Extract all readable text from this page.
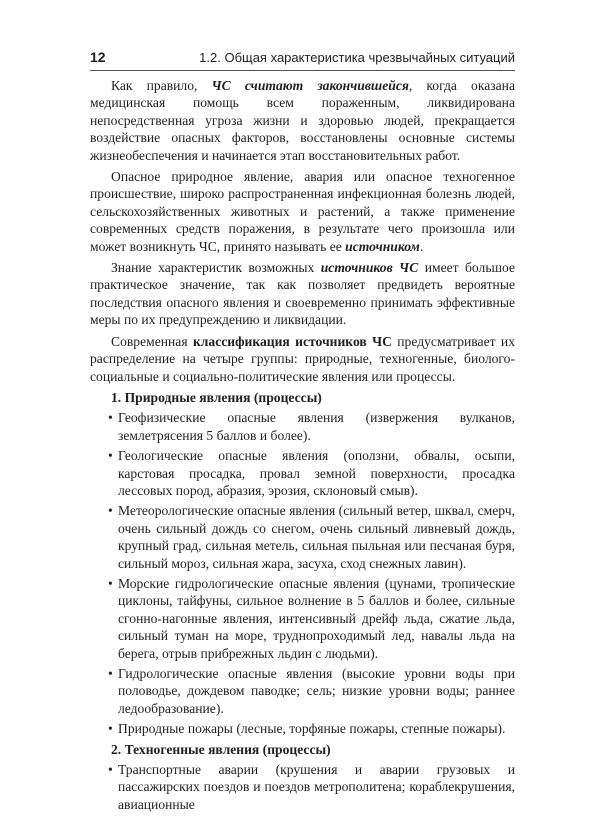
12	1.2. Общая характеристика чрезвычайных ситуаций

Как правило, ЧС считают закончившейся, когда оказана медицинская помощь всем пораженным, ликвидирована непосредственная угроза жизни и здоровью людей, прекращается воздействие опасных факторов, восстановлены основные системы жизнеобеспечения и начинается этап восстановительных работ.

Опасное природное явление, авария или опасное техногенное происшествие, широко распространенная инфекционная болезнь людей, сельскохозяйственных животных и растений, а также применение современных средств поражения, в результате чего произошла или может возникнуть ЧС, принято называть ее источником.

Знание характеристик возможных источников ЧС имеет большое практическое значение, так как позволяет предвидеть вероятные последствия опасного явления и своевременно принимать эффективные меры по их предупреждению и ликвидации.

Современная классификация источников ЧС предусматривает их распределение на четыре группы: природные, техногенные, биолого-социальные и социально-политические явления или процессы.

1. Природные явления (процессы)
• Геофизические опасные явления (извержения вулканов, землетрясения 5 баллов и более).
• Геологические опасные явления (оползни, обвалы, осыпи, карстовая просадка, провал земной поверхности, просадка лессовых пород, абразия, эрозия, склоновый смыв).
• Метеорологические опасные явления (сильный ветер, шквал, смерч, очень сильный дождь со снегом, очень сильный ливневый дождь, крупный град, сильная метель, сильная пыльная или песчаная буря, сильный мороз, сильная жара, засуха, сход снежных лавин).
• Морские гидрологические опасные явления (цунами, тропические циклоны, тайфуны, сильное волнение в 5 баллов и более, сильные сгонно-нагонные явления, интенсивный дрейф льда, сжатие льда, сильный туман на море, труднопроходимый лед, навалы льда на берега, отрыв прибрежных льдин с людьми).
• Гидрологические опасные явления (высокие уровни воды при половодье, дождевом паводке; сель; низкие уровни воды; раннее ледообразование).
• Природные пожары (лесные, торфяные пожары, степные пожары).
2. Техногенные явления (процессы)
• Транспортные аварии (крушения и аварии грузовых и пассажирских поездов и поездов метрополитена; кораблекрушения, авиационные
